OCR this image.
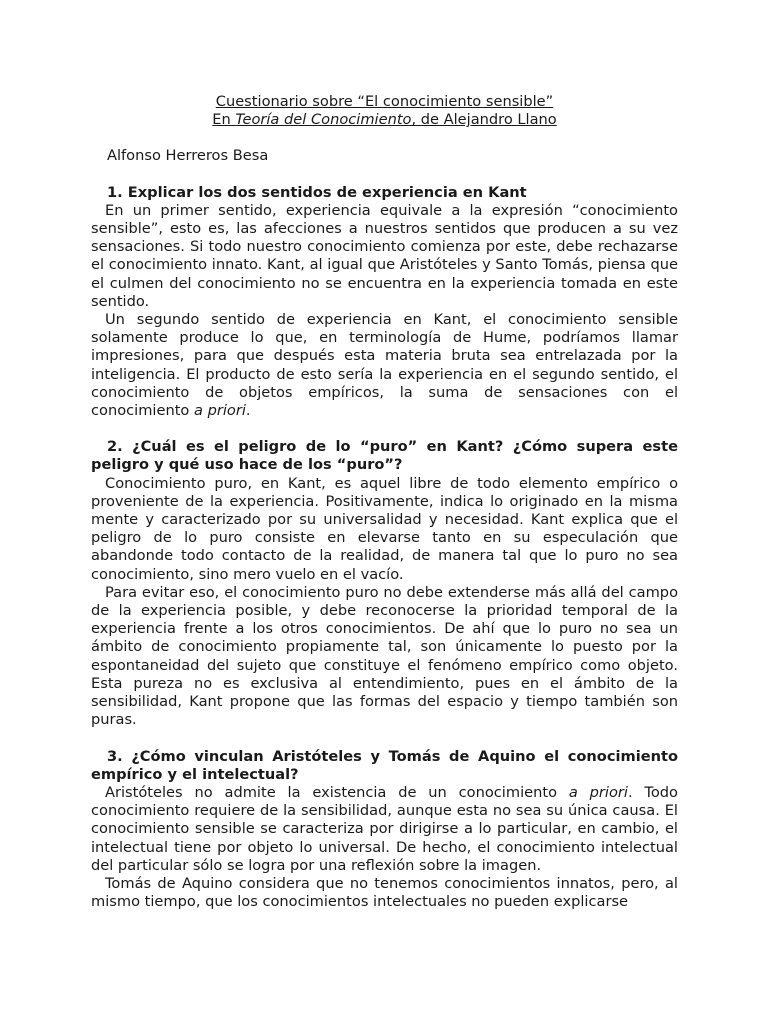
Cuestionario sobre “El conocimiento sensible”
En Teoría del Conocimiento, de Alejandro Llano
Alfonso Herreros Besa
1. Explicar los dos sentidos de experiencia en Kant

En un primer sentido, experiencia equivale a la expresión “conocimiento sensible”, esto es, las afecciones a nuestros sentidos que producen a su vez sensaciones. Si todo nuestro conocimiento comienza por este, debe rechazarse el conocimiento innato. Kant, al igual que Aristóteles y Santo Tomás, piensa que el culmen del conocimiento no se encuentra en la experiencia tomada en este sentido.

Un segundo sentido de experiencia en Kant, el conocimiento sensible solamente produce lo que, en terminología de Hume, podríamos llamar impresiones, para que después esta materia bruta sea entrelazada por la inteligencia. El producto de esto sería la experiencia en el segundo sentido, el conocimiento de objetos empíricos, la suma de sensaciones con el conocimiento a priori.

2. ¿Cuál es el peligro de lo “puro” en Kant? ¿Cómo supera este peligro y qué uso hace de los “puro”?

Conocimiento puro, en Kant, es aquel libre de todo elemento empírico o proveniente de la experiencia. Positivamente, indica lo originado en la misma mente y caracterizado por su universalidad y necesidad. Kant explica que el peligro de lo puro consiste en elevarse tanto en su especulación que abandonde todo contacto de la realidad, de manera tal que lo puro no sea conocimiento, sino mero vuelo en el vacío.

Para evitar eso, el conocimiento puro no debe extenderse más allá del campo de la experiencia posible, y debe reconocerse la prioridad temporal de la experiencia frente a los otros conocimientos. De ahí que lo puro no sea un ámbito de conocimiento propiamente tal, son únicamente lo puesto por la espontaneidad del sujeto que constituye el fenómeno empírico como objeto. Esta pureza no es exclusiva al entendimiento, pues en el ámbito de la sensibilidad, Kant propone que las formas del espacio y tiempo también son puras.

3. ¿Cómo vinculan Aristóteles y Tomás de Aquino el conocimiento empírico y el intelectual?

Aristóteles no admite la existencia de un conocimiento a priori. Todo conocimiento requiere de la sensibilidad, aunque esta no sea su única causa. El conocimiento sensible se caracteriza por dirigirse a lo particular, en cambio, el intelectual tiene por objeto lo universal. De hecho, el conocimiento intelectual del particular sólo se logra por una reflexión sobre la imagen.

Tomás de Aquino considera que no tenemos conocimientos innatos, pero, al mismo tiempo, que los conocimientos intelectuales no pueden explicarse
